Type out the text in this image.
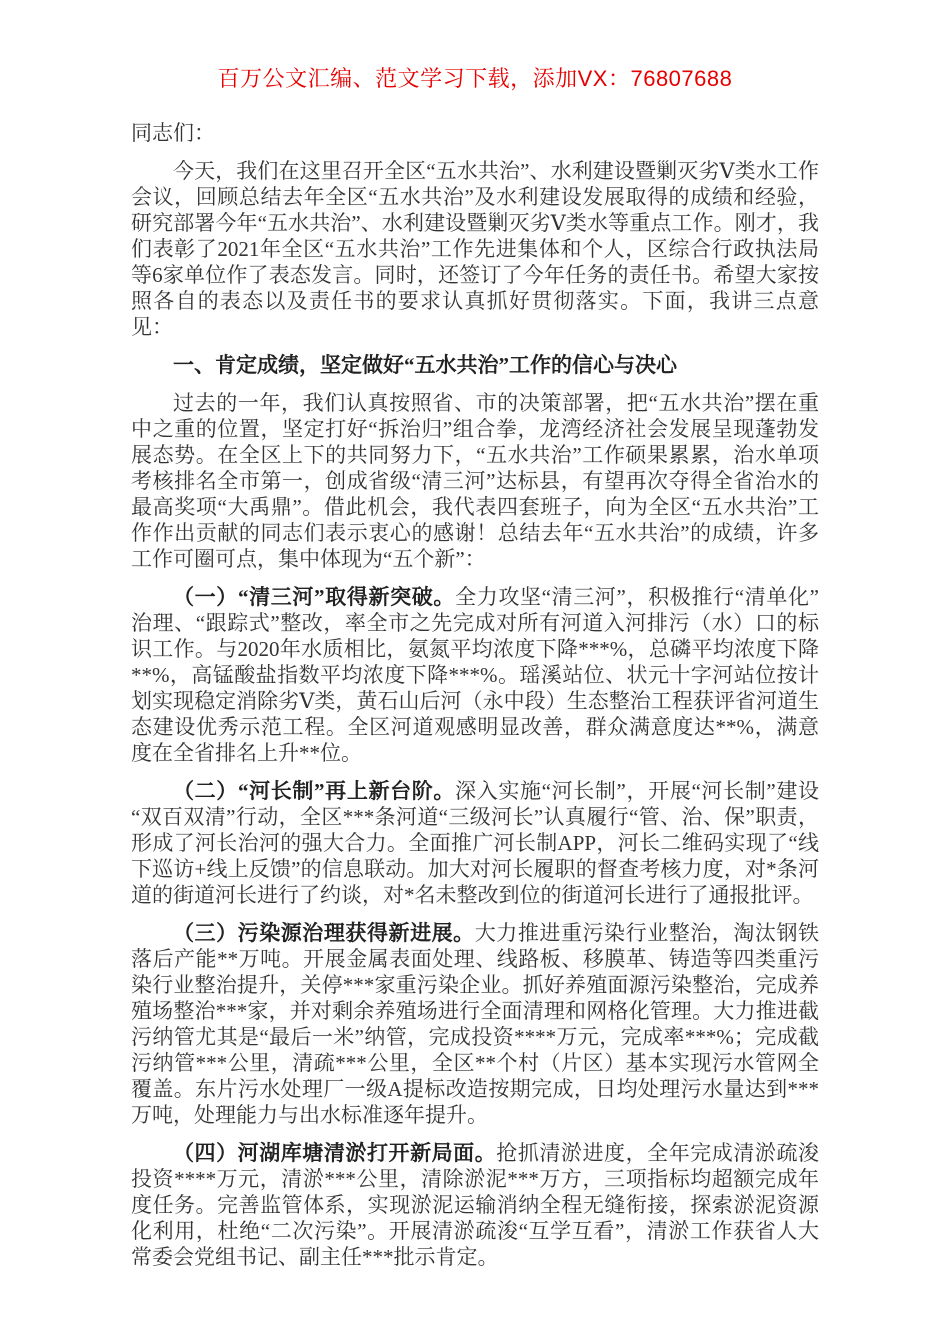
百万公文汇编、范文学习下载，添加VX：76807688

同志们：

今天，我们在这里召开全区“五水共治”、水利建设暨剿灭劣Ⅴ类水工作会议，回顾总结去年全区“五水共治”及水利建设发展取得的成绩和经验，研究部署今年“五水共治”、水利建设暨剿灭劣Ⅴ类水等重点工作。刚才，我们表彰了2021年全区“五水共治”工作先进集体和个人，区综合行政执法局等6家单位作了表态发言。同时，还签订了今年任务的责任书。希望大家按照各自的表态以及责任书的要求认真抓好贯彻落实。下面，我讲三点意见：

一、肯定成绩，坚定做好“五水共治”工作的信心与决心

过去的一年，我们认真按照省、市的决策部署，把“五水共治”摆在重中之重的位置，坚定打好“拆治归”组合拳，龙湾经济社会发展呈现蓬勃发展态势。在全区上下的共同努力下，“五水共治”工作硕果累累，治水单项考核排名全市第一，创成省级“清三河”达标县，有望再次夺得全省治水的最高奖项“大禹鼎”。借此机会，我代表四套班子，向为全区“五水共治”工作作出贡献的同志们表示衷心的感谢！总结去年“五水共治”的成绩，许多工作可圈可点，集中体现为“五个新”：

（一）“清三河”取得新突破。全力攻坚“清三河”，积极推行“清单化”治理、“跟踪式”整改，率全市之先完成对所有河道入河排污（水）口的标识工作。与2020年水质相比，氨氮平均浓度下降***%，总磷平均浓度下降**%，高锰酸盐指数平均浓度下降***%。瑶溪站位、状元十字河站位按计划实现稳定消除劣Ⅴ类，黄石山后河（永中段）生态整治工程获评省河道生态建设优秀示范工程。全区河道观感明显改善，群众满意度达**%，满意度在全省排名上升**位。

（二）“河长制”再上新台阶。深入实施“河长制”，开展“河长制”建设“双百双清”行动，全区***条河道“三级河长”认真履行“管、治、保”职责，形成了河长治河的强大合力。全面推广河长制APP，河长二维码实现了“线下巡访+线上反馈”的信息联动。加大对河长履职的督查考核力度，对*条河道的街道河长进行了约谈，对*名未整改到位的街道河长进行了通报批评。

（三）污染源治理获得新进展。大力推进重污染行业整治，淘汰钢铁落后产能**万吨。开展金属表面处理、线路板、移膜革、铸造等四类重污染行业整治提升，关停***家重污染企业。抓好养殖面源污染整治，完成养殖场整治***家，并对剩余养殖场进行全面清理和网格化管理。大力推进截污纳管尤其是“最后一米”纳管，完成投资****万元，完成率***%；完成截污纳管***公里，清疏***公里，全区**个村（片区）基本实现污水管网全覆盖。东片污水处理厂一级A提标改造按期完成，日均处理污水量达到***万吨，处理能力与出水标准逐年提升。

（四）河湖库塘清淤打开新局面。抢抓清淤进度，全年完成清淤疏浚投资****万元，清淤***公里，清除淤泥***万方，三项指标均超额完成年度任务。完善监管体系，实现淤泥运输消纳全程无缝衔接，探索淤泥资源化利用，杜绝“二次污染”。开展清淤疏浚“互学互看”，清淤工作获省人大常委会党组书记、副主任***批示肯定。
